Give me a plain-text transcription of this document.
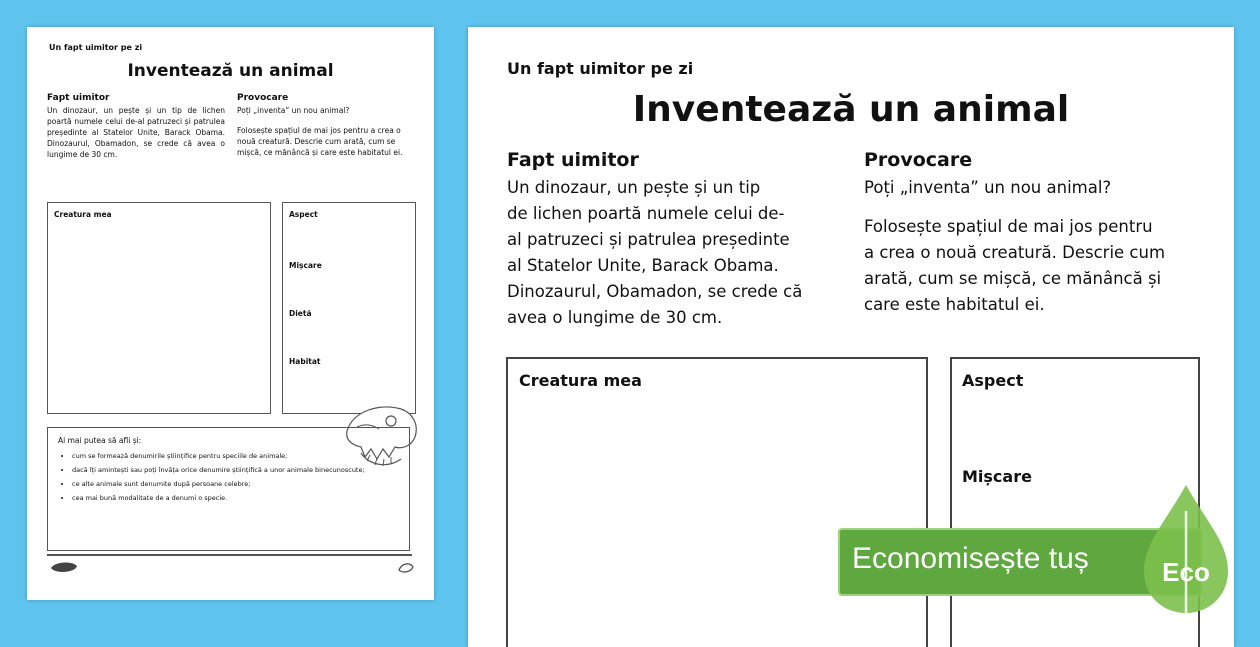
Un fapt uimitor pe zi
Inventează un animal
Fapt uimitor
Un dinozaur, un pește și un tip de lichen poartă numele celui de-al patruzeci și patrulea președinte al Statelor Unite, Barack Obama. Dinozaurul, Obamadon, se crede că avea o lungime de 30 cm.
Provocare
Poți „inventa” un nou animal?
Folosește spațiul de mai jos pentru a crea o nouă creatură. Descrie cum arată, cum se mișcă, ce mănâncă și care este habitatul ei.
Creatura mea	Aspect
Mișcare
Dietă
Habitat
Ai mai putea să afli și:
• cum se formează denumirile științifice pentru speciile de animale;
• dacă îți amintești sau poți învăța orice denumire științifică a unor animale binecunoscute;
• ce alte animale sunt denumite după persoane celebre;
• cea mai bună modalitate de a denumi o specie.
Un fapt uimitor pe zi
Inventează un animal
Fapt uimitor
Un dinozaur, un pește și un tip
de lichen poartă numele celui de-
al patruzeci și patrulea președinte
al Statelor Unite, Barack Obama.
Dinozaurul, Obamadon, se crede că
avea o lungime de 30 cm.
Provocare
Poți „inventa” un nou animal?
Folosește spațiul de mai jos pentru
a crea o nouă creatură. Descrie cum
arată, cum se mișcă, ce mănâncă și
care este habitatul ei.
Creatura mea	Aspect
Mișcare
Economisește tuș	Eco
